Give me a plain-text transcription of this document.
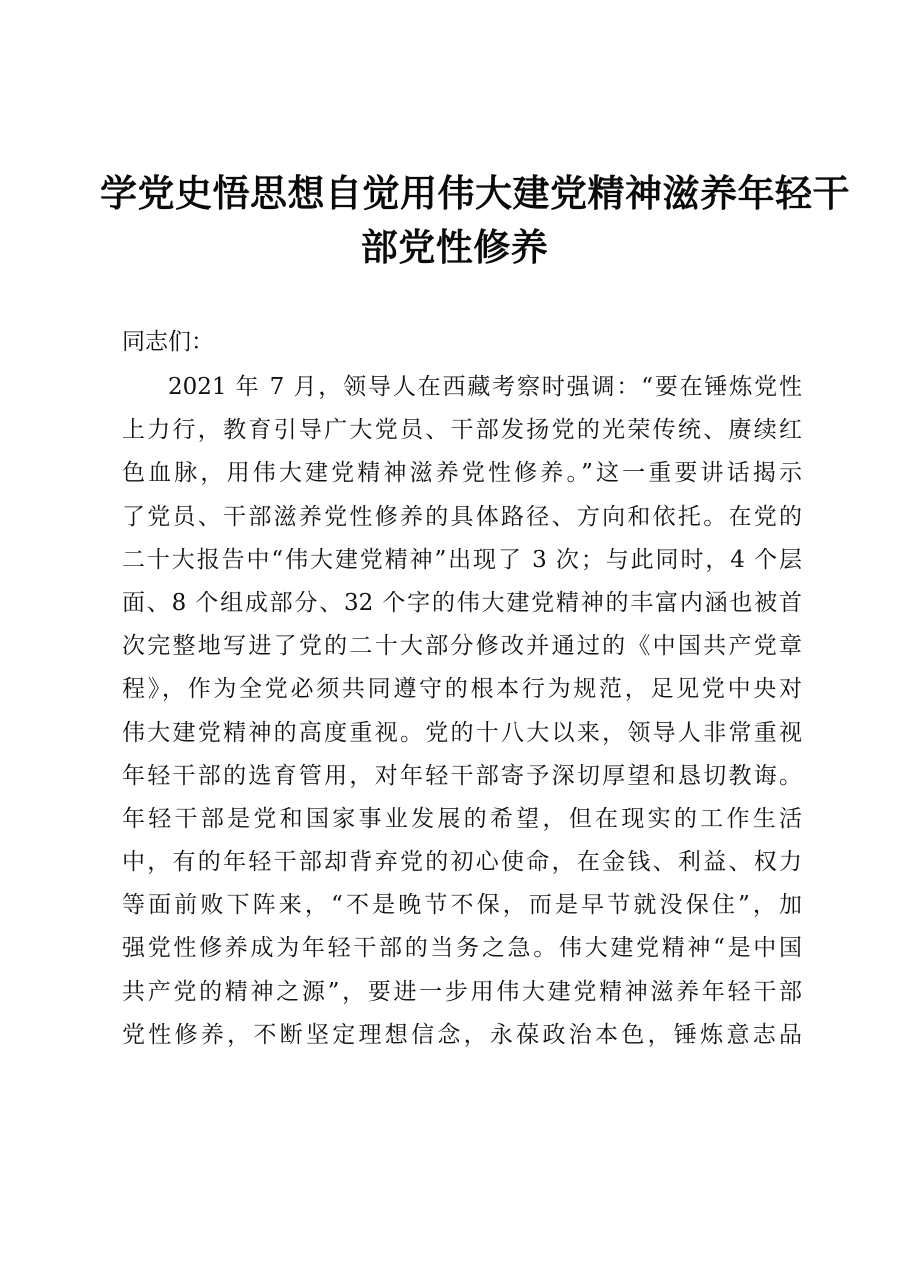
学党史悟思想自觉用伟大建党精神滋养年轻干
部党性修养

同志们：

2021 年 7 月，领导人在西藏考察时强调：“要在锤炼党性
上力行，教育引导广大党员、干部发扬党的光荣传统、赓续红
色血脉，用伟大建党精神滋养党性修养。”这一重要讲话揭示
了党员、干部滋养党性修养的具体路径、方向和依托。在党的
二十大报告中“伟大建党精神”出现了 3 次；与此同时，4 个层
面、8 个组成部分、32 个字的伟大建党精神的丰富内涵也被首
次完整地写进了党的二十大部分修改并通过的《中国共产党章
程》，作为全党必须共同遵守的根本行为规范，足见党中央对
伟大建党精神的高度重视。党的十八大以来，领导人非常重视
年轻干部的选育管用，对年轻干部寄予深切厚望和恳切教诲。
年轻干部是党和国家事业发展的希望，但在现实的工作生活
中，有的年轻干部却背弃党的初心使命，在金钱、利益、权力
等面前败下阵来，“不是晚节不保，而是早节就没保住”，加
强党性修养成为年轻干部的当务之急。伟大建党精神“是中国
共产党的精神之源”，要进一步用伟大建党精神滋养年轻干部
党性修养，不断坚定理想信念，永葆政治本色，锤炼意志品
